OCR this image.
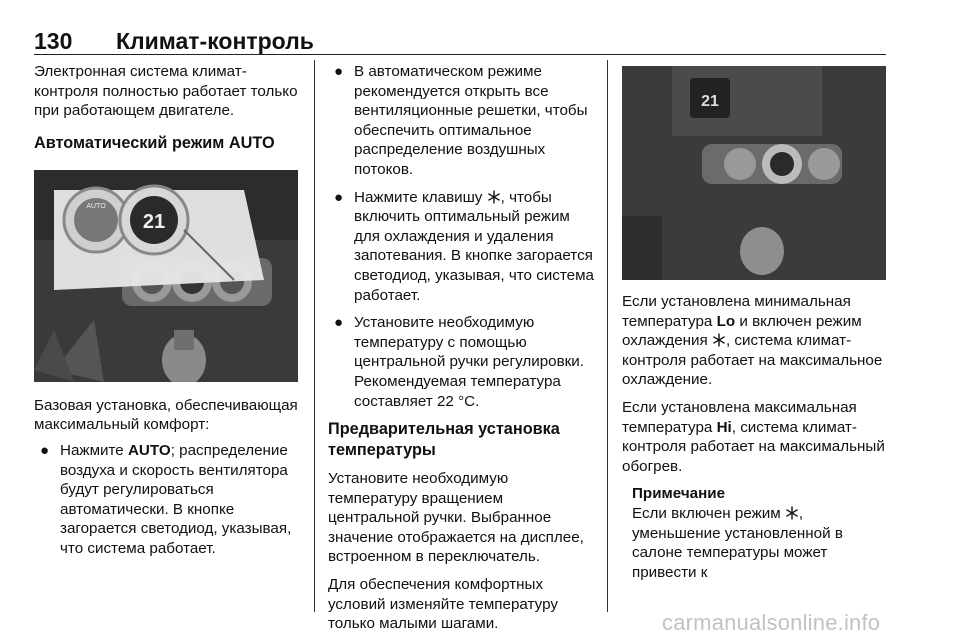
130 Климат-контроль

Электронная система климат-контроля полностью работает только при работающем двигателе.

Автоматический режим AUTO
AUTO
21

Базовая установка, обеспечивающая максимальный комфорт:

● Нажмите AUTO; распределение воздуха и скорость вентилятора будут регулироваться автоматически. В кнопке загорается светодиод, указывая, что система работает.
● В автоматическом режиме рекомендуется открыть все вентиляционные решетки, чтобы обеспечить оптимальное распределение воздушных потоков.
● Нажмите клавишу , чтобы включить оптимальный режим для охлаждения и удаления запотевания. В кнопке загорается светодиод, указывая, что система работает.
● Установите необходимую температуру с помощью центральной ручки регулировки. Рекомендуемая температура составляет 22 °C.
Предварительная установка температуры

Установите необходимую температуру вращением центральной ручки. Выбранное значение отображается на дисплее, встроенном в переключатель.

Для обеспечения комфортных условий изменяйте температуру только малыми шагами.

21

Если установлена минимальная температура Lo и включен режим охлаждения , система климат-контроля работает на максимальное охлаждение.

Если установлена максимальная температура Hi, система климат-контроля работает на максимальный обогрев.

Примечание

Если включен режим , уменьшение установленной в салоне температуры может привести к

carmanualsonline.info
